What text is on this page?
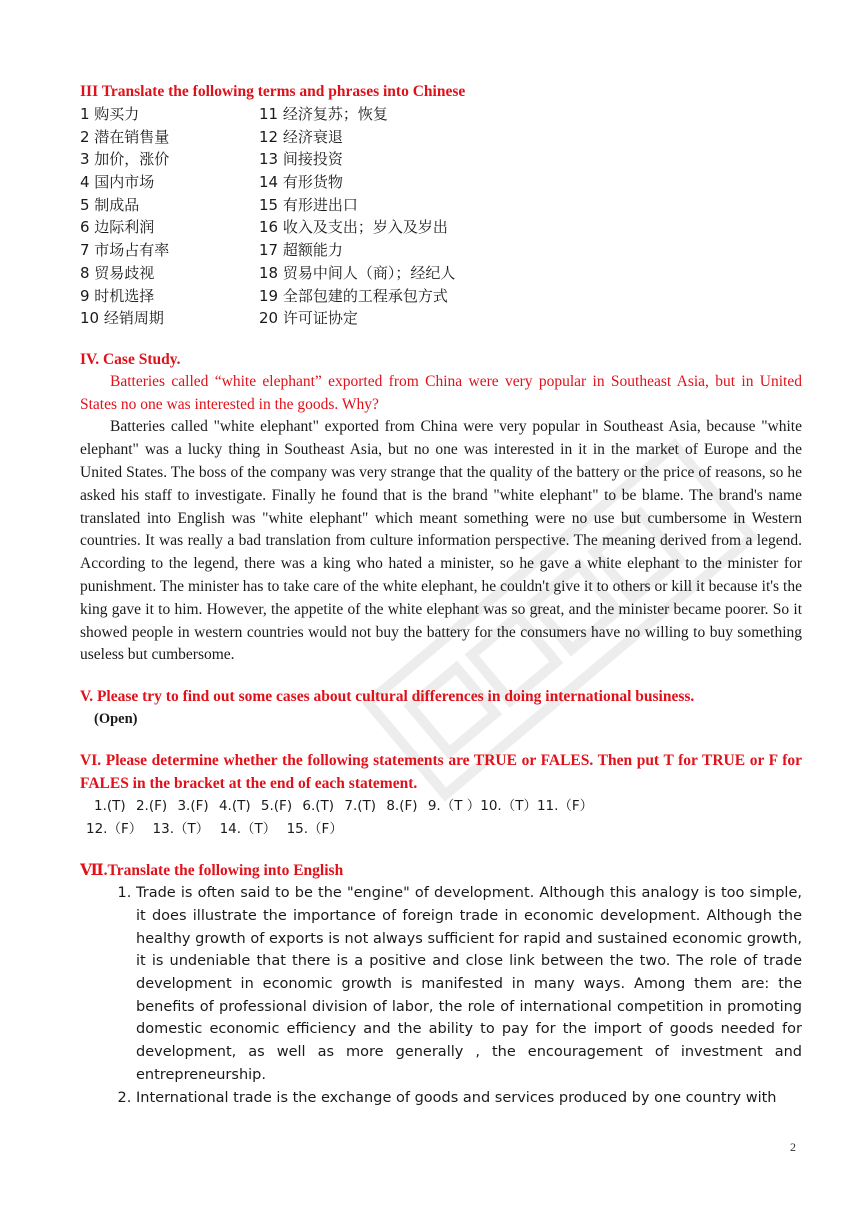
III Translate the following terms and phrases into Chinese
1 购买力	11 经济复苏；恢复
2 潜在销售量	12 经济衰退
3 加价，涨价	13 间接投资
4 国内市场	14 有形货物
5 制成品	15 有形进出口
6 边际利润	16 收入及支出；岁入及岁出
7 市场占有率	17 超额能力
8 贸易歧视	18 贸易中间人（商）；经纪人
9 时机选择	19 全部包建的工程承包方式
10 经销周期	20 许可证协定
IV. Case Study.

Batteries called “white elephant” exported from China were very popular in Southeast Asia, but in United States no one was interested in the goods. Why?

Batteries called "white elephant" exported from China were very popular in Southeast Asia, because "white elephant" was a lucky thing in Southeast Asia, but no one was interested in it in the market of Europe and the United States. The boss of the company was very strange that the quality of the battery or the price of reasons, so he asked his staff to investigate. Finally he found that is the brand "white elephant" to be blame. The brand's name translated into English was "white elephant" which meant something were no use but cumbersome in Western countries. It was really a bad translation from culture information perspective. The meaning derived from a legend. According to the legend, there was a king who hated a minister, so he gave a white elephant to the minister for punishment. The minister has to take care of the white elephant, he couldn't give it to others or kill it because it's the king gave it to him. However, the appetite of the white elephant was so great, and the minister became poorer. So it showed people in western countries would not buy the battery for the consumers have no willing to buy something useless but cumbersome.

V. Please try to find out some cases about cultural differences in doing international business.
(Open)
VI. Please determine whether the following statements are TRUE or FALES. Then put T for TRUE or F for FALES in the bracket at the end of each statement.
1.(T) 2.(F) 3.(F) 4.(T) 5.(F) 6.(T) 7.(T) 8.(F) 9.（T ）10.（T）11.（F）
12.（F） 13.（T） 14.（T） 15.（F）
Ⅶ.Translate the following into English
1. Trade is often said to be the "engine" of development. Although this analogy is too simple, it does illustrate the importance of foreign trade in economic development. Although the healthy growth of exports is not always sufficient for rapid and sustained economic growth, it is undeniable that there is a positive and close link between the two. The role of trade development in economic growth is manifested in many ways. Among them are: the benefits of professional division of labor, the role of international competition in promoting domestic economic efficiency and the ability to pay for the import of goods needed for development, as well as more generally , the encouragement of investment and entrepreneurship.
2. International trade is the exchange of goods and services produced by one country with
2
